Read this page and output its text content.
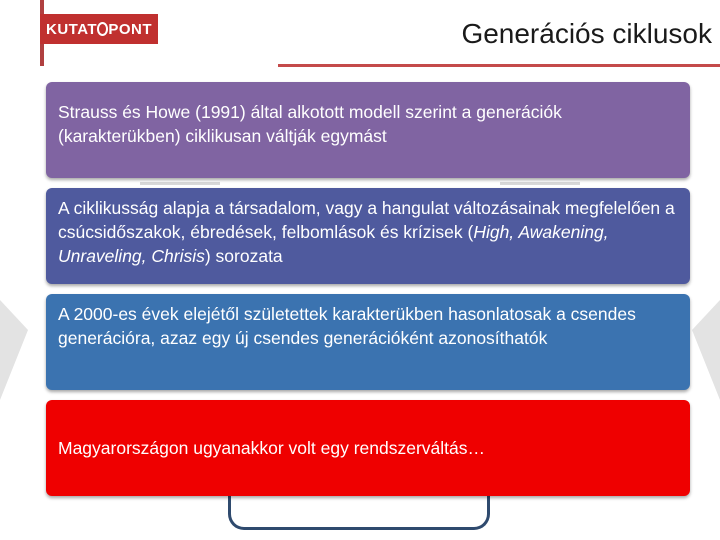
KUTAT PONT	Generációs ciklusok
Strauss és Howe (1991) által alkotott modell szerint a generációk (karakterükben) ciklikusan váltják egymást
A ciklikusság alapja a társadalom, vagy a hangulat változásainak megfelelően a csúcsidőszakok, ébredések, felbomlások és krízisek (High, Awakening, Unraveling, Chrisis) sorozata
A 2000-es évek elejétől születettek karakterükben hasonlatosak a csendes generációra, azaz egy új csendes generációként azonosíthatók
Magyarországon ugyanakkor volt egy rendszerváltás…
